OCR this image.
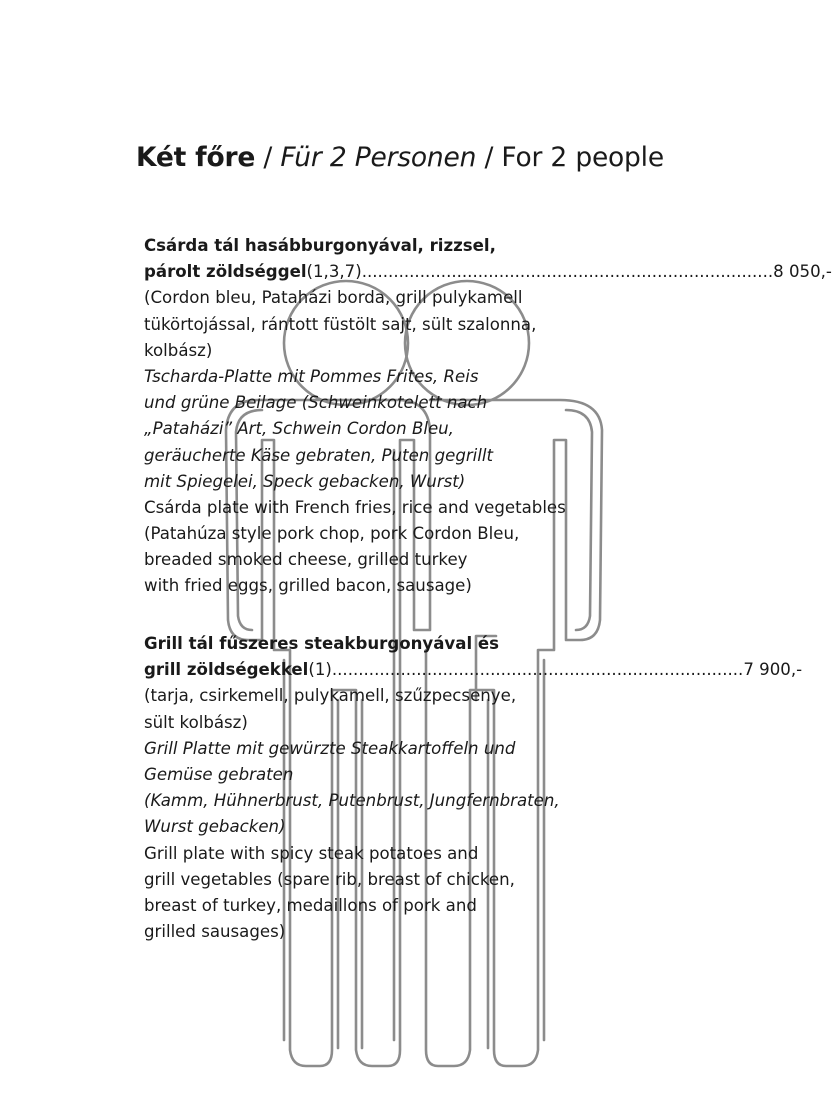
Két főre / Für 2 Personen / For 2 people
Csárda tál hasábburgonyával, rizzsel,
párolt zöldséggel (1,3,7) .............................................................................. 8 050,-
(Cordon bleu, Pataházi borda, grill pulykamell
tükörtojással, rántott füstölt sajt, sült szalonna,
kolbász)
Tscharda-Platte mit Pommes Frites, Reis
und grüne Beilage (Schweinkotelett nach
„Pataházi” Art, Schwein Cordon Bleu,
geräucherte Käse gebraten, Puten gegrillt
mit Spiegelei, Speck gebacken, Wurst)
Csárda plate with French fries, rice and vegetables
(Patahúza style pork chop, pork Cordon Bleu,
breaded smoked cheese, grilled turkey
with fried eggs, grilled bacon, sausage)
Grill tál fűszeres steakburgonyával és
grill zöldségekkel (1) .............................................................................. 7 900,-
(tarja, csirkemell, pulykamell, szűzpecsenye,
sült kolbász)
Grill Platte mit gewürzte Steakkartoffeln und
Gemüse gebraten
(Kamm, Hühnerbrust, Putenbrust, Jungfernbraten,
Wurst gebacken)
Grill plate with spicy steak potatoes and
grill vegetables (spare rib, breast of chicken,
breast of turkey, medaillons of pork and
grilled sausages)
